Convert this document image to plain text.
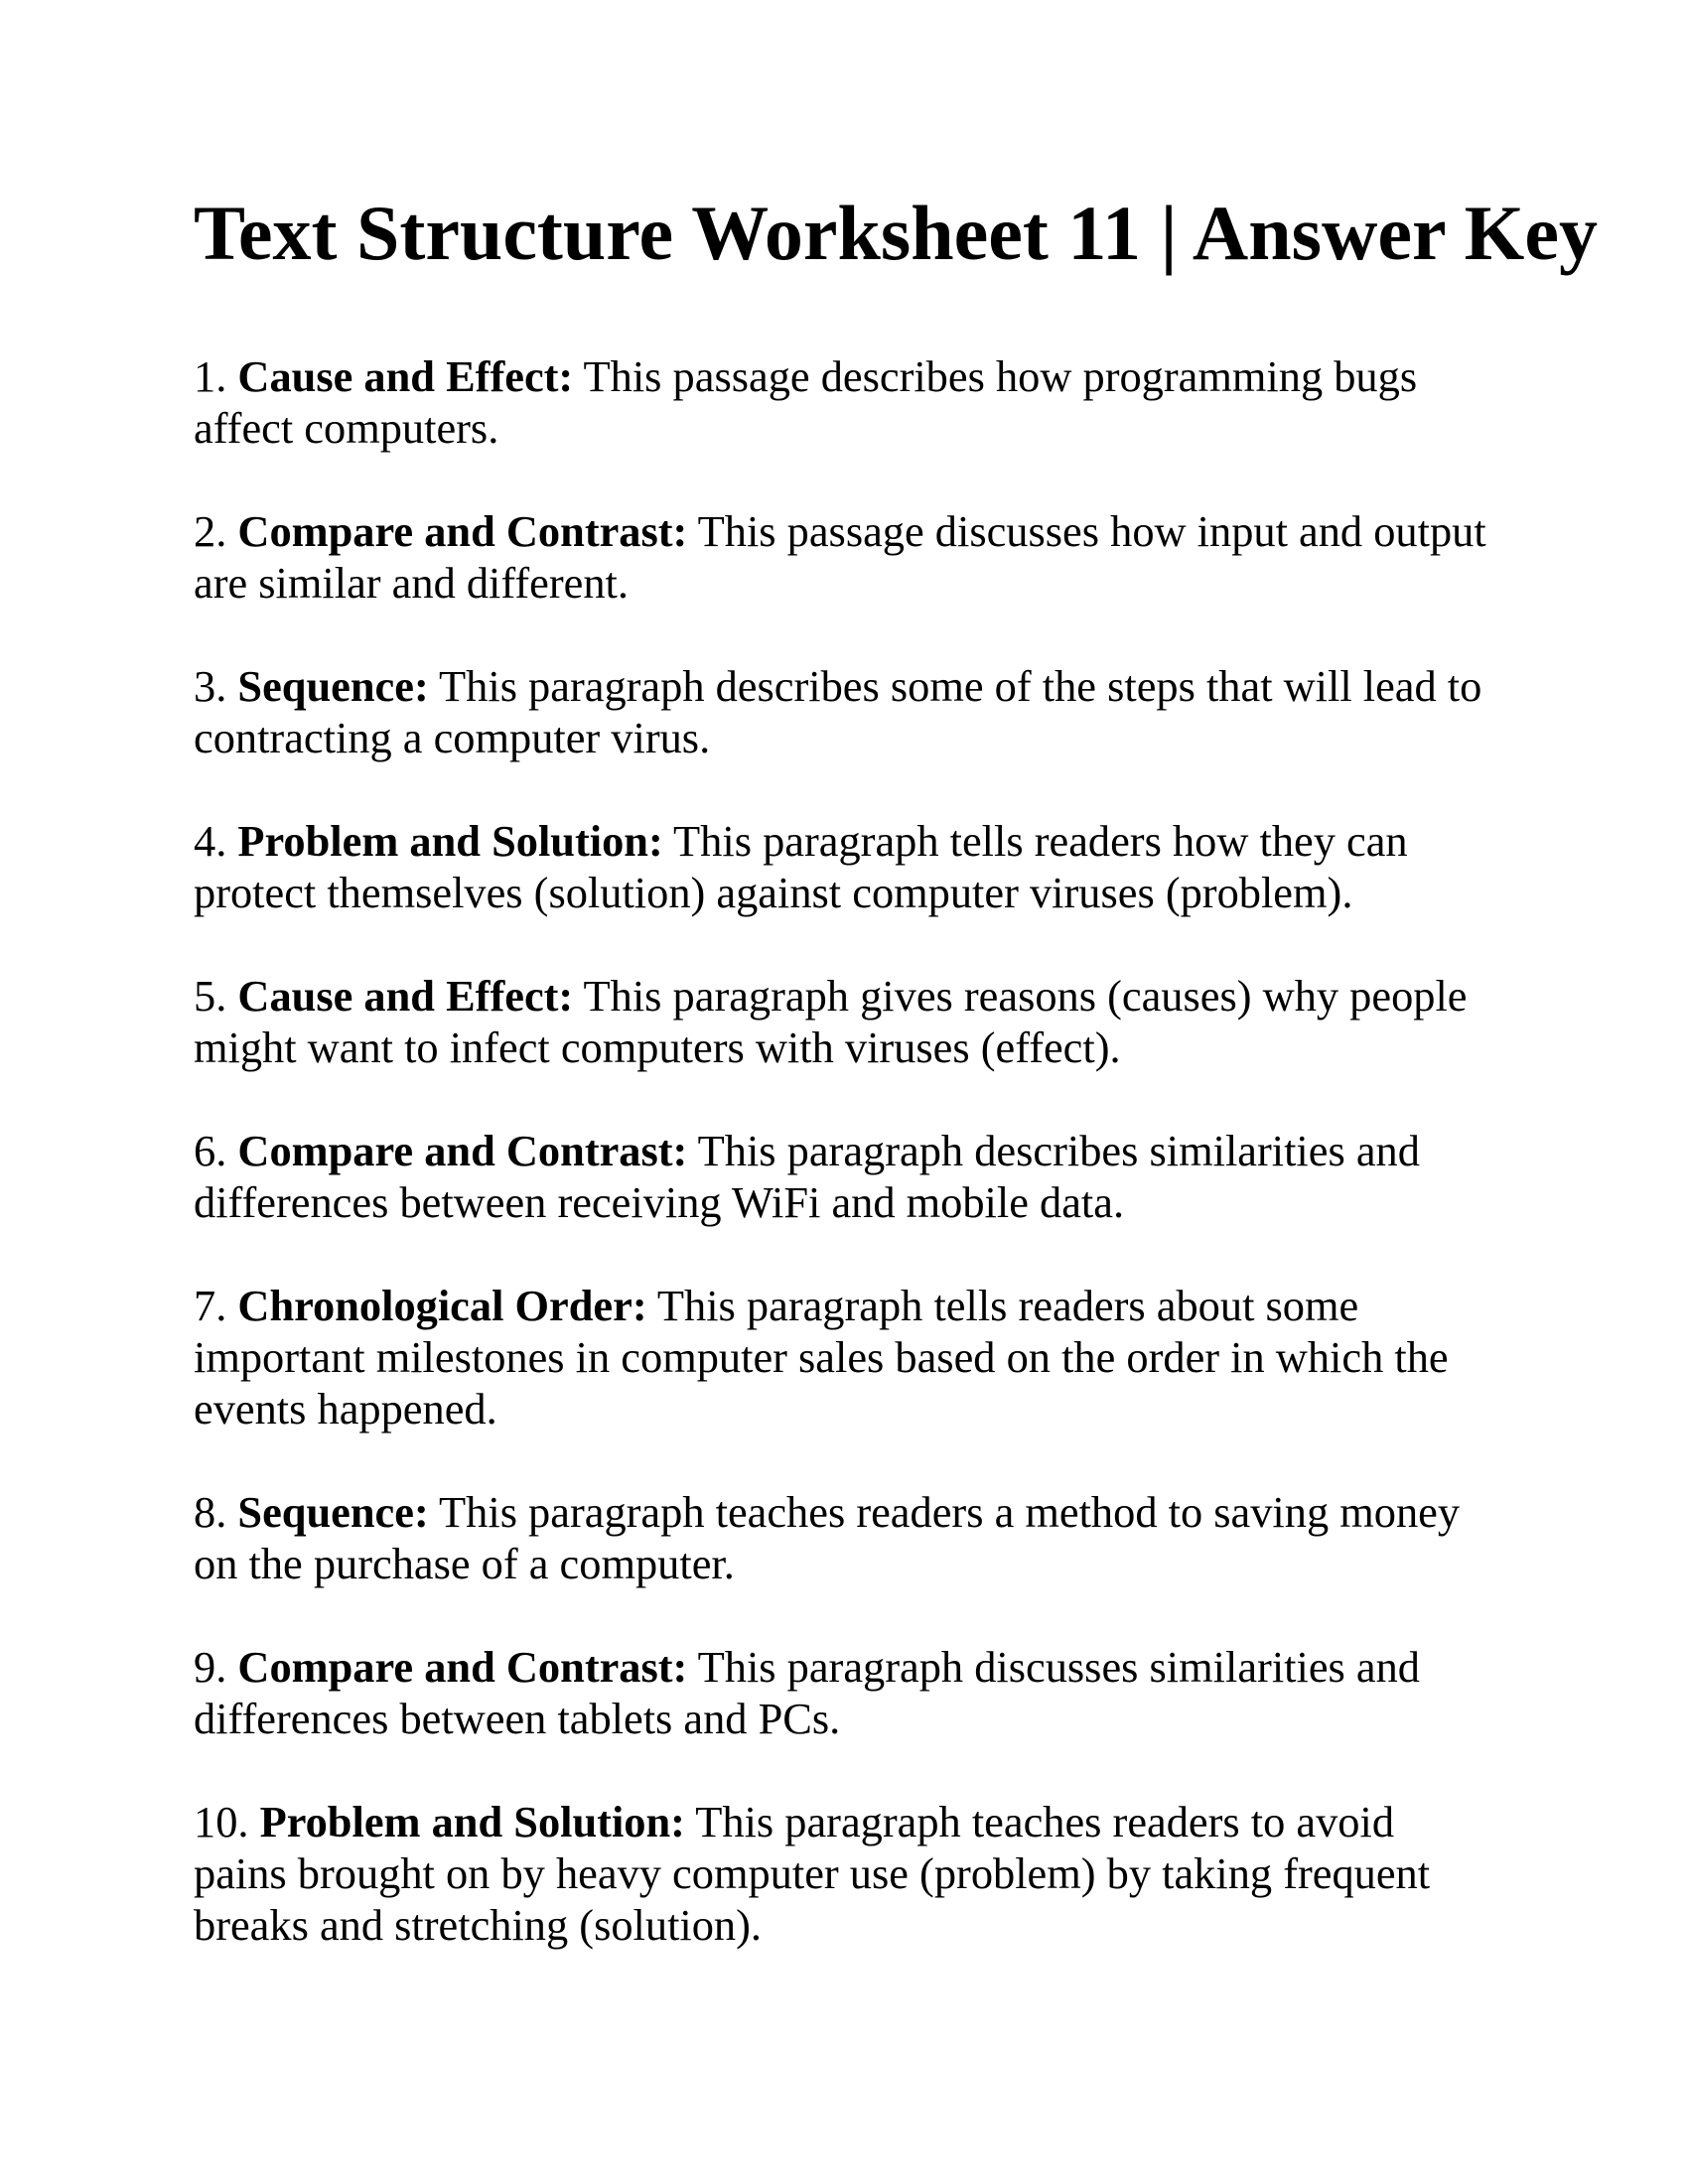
Text Structure Worksheet 11 | Answer Key

1. Cause and Effect: This passage describes how programming bugs affect computers.

2. Compare and Contrast: This passage discusses how input and output are similar and different.

3. Sequence: This paragraph describes some of the steps that will lead to contracting a computer virus.

4. Problem and Solution: This paragraph tells readers how they can protect themselves (solution) against computer viruses (problem).

5. Cause and Effect: This paragraph gives reasons (causes) why people might want to infect computers with viruses (effect).

6. Compare and Contrast: This paragraph describes similarities and differences between receiving WiFi and mobile data.

7. Chronological Order: This paragraph tells readers about some important milestones in computer sales based on the order in which the events happened.

8. Sequence: This paragraph teaches readers a method to saving money on the purchase of a computer.

9. Compare and Contrast: This paragraph discusses similarities and differences between tablets and PCs.

10. Problem and Solution: This paragraph teaches readers to avoid pains brought on by heavy computer use (problem) by taking frequent breaks and stretching (solution).
